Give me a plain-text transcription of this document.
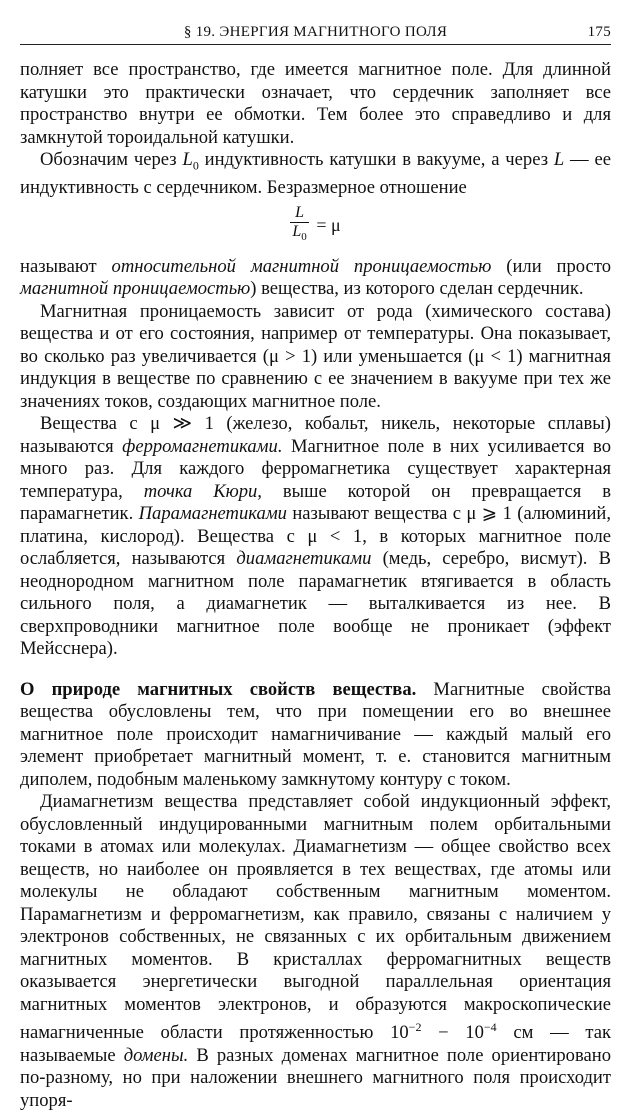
§ 19. ЭНЕРГИЯ МАГНИТНОГО ПОЛЯ	175

полняет все пространство, где имеется магнитное поле. Для длинной катушки это практически означает, что сердечник заполняет все пространство внутри ее обмотки. Тем более это справедливо и для замкнутой тороидальной катушки.

Обозначим через $L_0$ индуктивность катушки в вакууме, а через L — ее индуктивность с сердечником. Безразмерное отношение

$\frac{L}{L_0} = \mu$

называют относительной магнитной проницаемостью (или просто магнитной проницаемостью) вещества, из которого сделан сердечник.

Магнитная проницаемость зависит от рода (химического состава) вещества и от его состояния, например от температуры. Она показывает, во сколько раз увеличивается (μ > 1) или уменьшается (μ < 1) магнитная индукция в веществе по сравнению с ее значением в вакууме при тех же значениях токов, создающих магнитное поле.

Вещества с μ ≫ 1 (железо, кобальт, никель, некоторые сплавы) называются ферромагнетиками. Магнитное поле в них усиливается во много раз. Для каждого ферромагнетика существует характерная температура, точка Кюри, выше которой он превращается в парамагнетик. Парамагнетиками называют вещества с μ ⩾ 1 (алюминий, платина, кислород). Вещества с μ < 1, в которых магнитное поле ослабляется, называются диамагнетиками (медь, серебро, висмут). В неоднородном магнитном поле парамагнетик втягивается в область сильного поля, а диамагнетик — выталкивается из нее. В сверхпроводники магнитное поле вообще не проникает (эффект Мейсснера).

О природе магнитных свойств вещества. Магнитные свойства вещества обусловлены тем, что при помещении его во внешнее магнитное поле происходит намагничивание — каждый малый его элемент приобретает магнитный момент, т. е. становится магнитным диполем, подобным маленькому замкнутому контуру с током.

Диамагнетизм вещества представляет собой индукционный эффект, обусловленный индуцированными магнитным полем орбитальными токами в атомах или молекулах. Диамагнетизм — общее свойство всех веществ, но наиболее он проявляется в тех веществах, где атомы или молекулы не обладают собственным магнитным моментом. Парамагнетизм и ферромагнетизм, как правило, связаны с наличием у электронов собственных, не связанных с их орбитальным движением магнитных моментов. В кристаллах ферромагнитных веществ оказывается энергетически выгодной параллельная ориентация магнитных моментов электронов, и образуются макроскопические намагниченные области протяженностью $10^{-2} - 10^{-4}$ см — так называемые домены. В разных доменах магнитное поле ориентировано по-разному, но при наложении внешнего магнитного поля происходит упоря-
